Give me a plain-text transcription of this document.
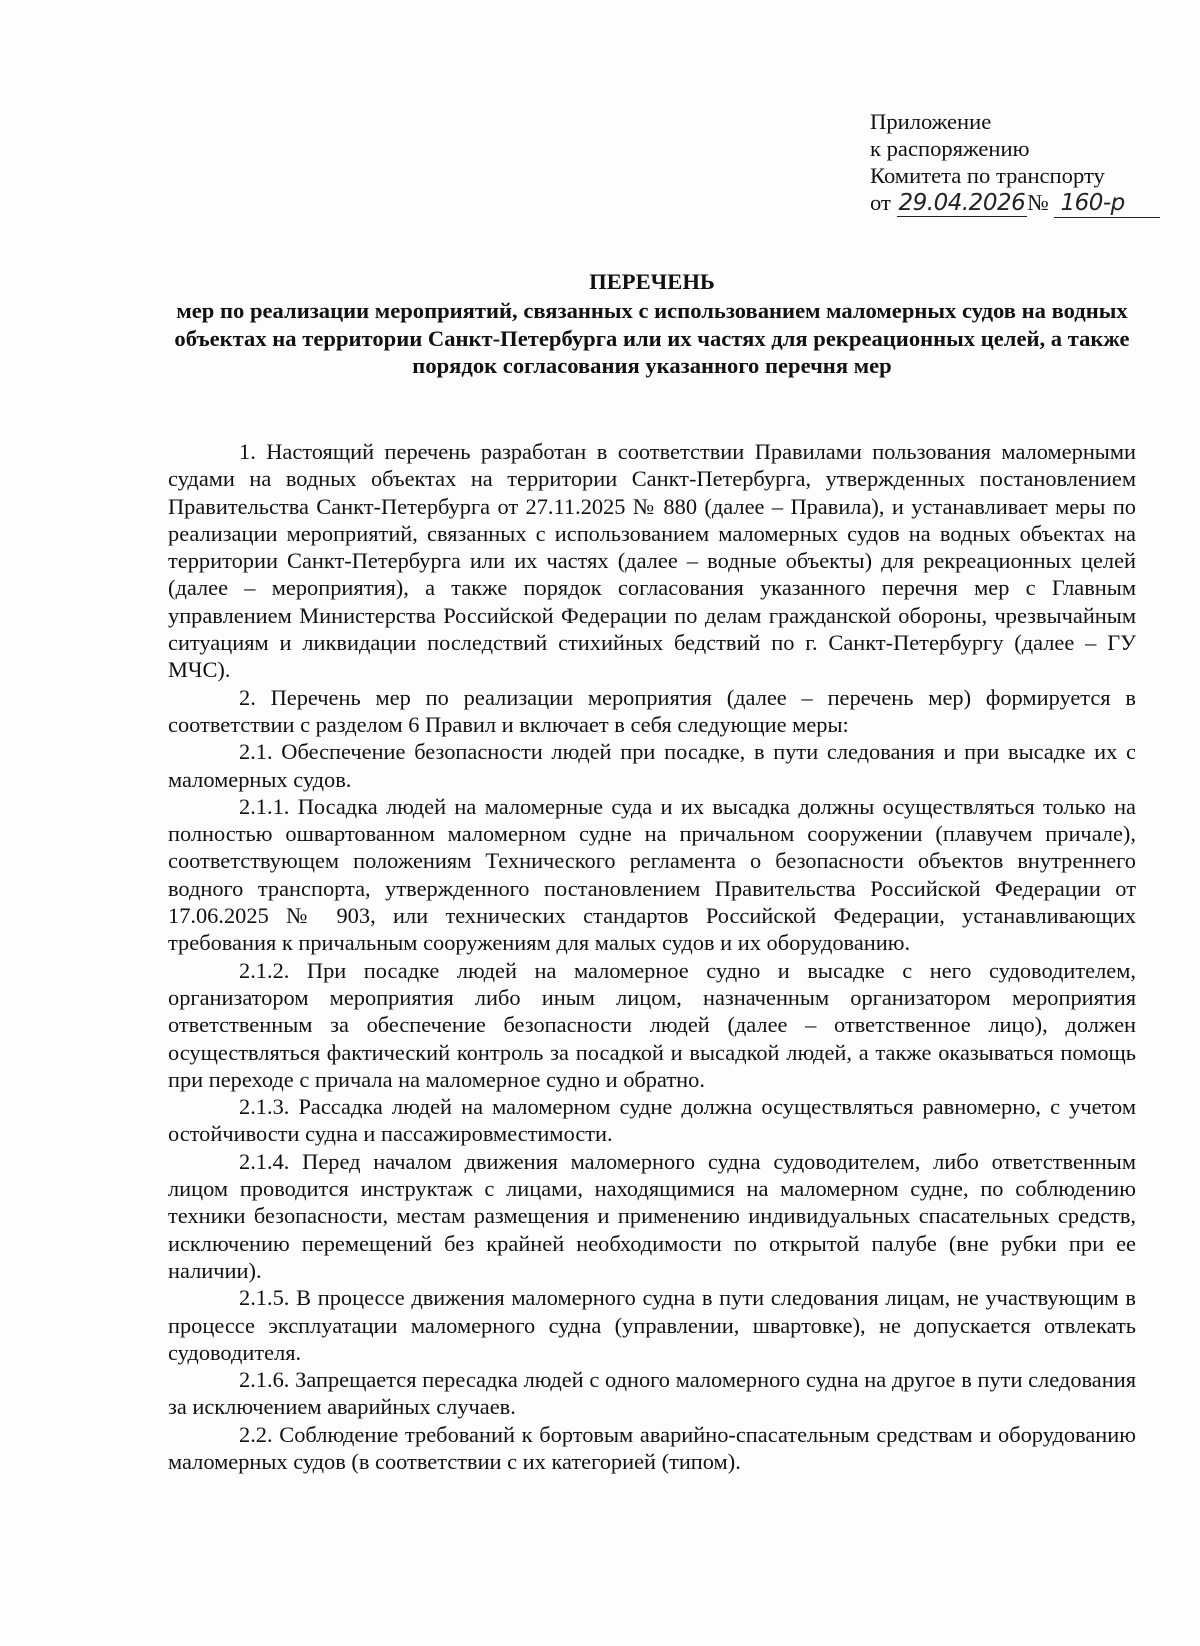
Приложение
к распоряжению
Комитета по транспорту
от 29.04.2026№ 160-р
ПЕРЕЧЕНЬ
мер по реализации мероприятий, связанных с использованием маломерных судов на водных объектах на территории Санкт-Петербурга или их частях для рекреационных целей, а также порядок согласования указанного перечня мер

1. Настоящий перечень разработан в соответствии Правилами пользования маломерными судами на водных объектах на территории Санкт-Петербурга, утвержденных постановлением Правительства Санкт-Петербурга от 27.11.2025 № 880 (далее – Правила), и устанавливает меры по реализации мероприятий, связанных с использованием маломерных судов на водных объектах на территории Санкт-Петербурга или их частях (далее – водные объекты) для рекреационных целей (далее – мероприятия), а также порядок согласования указанного перечня мер с Главным управлением Министерства Российской Федерации по делам гражданской обороны, чрезвычайным ситуациям и ликвидации последствий стихийных бедствий по г. Санкт-Петербургу (далее – ГУ МЧС).

2. Перечень мер по реализации мероприятия (далее – перечень мер) формируется в соответствии с разделом 6 Правил и включает в себя следующие меры:

2.1. Обеспечение безопасности людей при посадке, в пути следования и при высадке их с маломерных судов.

2.1.1. Посадка людей на маломерные суда и их высадка должны осуществляться только на полностью ошвартованном маломерном судне на причальном сооружении (плавучем причале), соответствующем положениям Технического регламента о безопасности объектов внутреннего водного транспорта, утвержденного постановлением Правительства Российской Федерации от 17.06.2025 № 903, или технических стандартов Российской Федерации, устанавливающих требования к причальным сооружениям для малых судов и их оборудованию.

2.1.2. При посадке людей на маломерное судно и высадке с него судоводителем, организатором мероприятия либо иным лицом, назначенным организатором мероприятия ответственным за обеспечение безопасности людей (далее – ответственное лицо), должен осуществляться фактический контроль за посадкой и высадкой людей, а также оказываться помощь при переходе с причала на маломерное судно и обратно.

2.1.3. Рассадка людей на маломерном судне должна осуществляться равномерно, с учетом остойчивости судна и пассажировместимости.

2.1.4. Перед началом движения маломерного судна судоводителем, либо ответственным лицом проводится инструктаж с лицами, находящимися на маломерном судне, по соблюдению техники безопасности, местам размещения и применению индивидуальных спасательных средств, исключению перемещений без крайней необходимости по открытой палубе (вне рубки при ее наличии).

2.1.5. В процессе движения маломерного судна в пути следования лицам, не участвующим в процессе эксплуатации маломерного судна (управлении, швартовке), не допускается отвлекать судоводителя.

2.1.6. Запрещается пересадка людей с одного маломерного судна на другое в пути следования за исключением аварийных случаев.

2.2. Соблюдение требований к бортовым аварийно-спасательным средствам и оборудованию маломерных судов (в соответствии с их категорией (типом).
